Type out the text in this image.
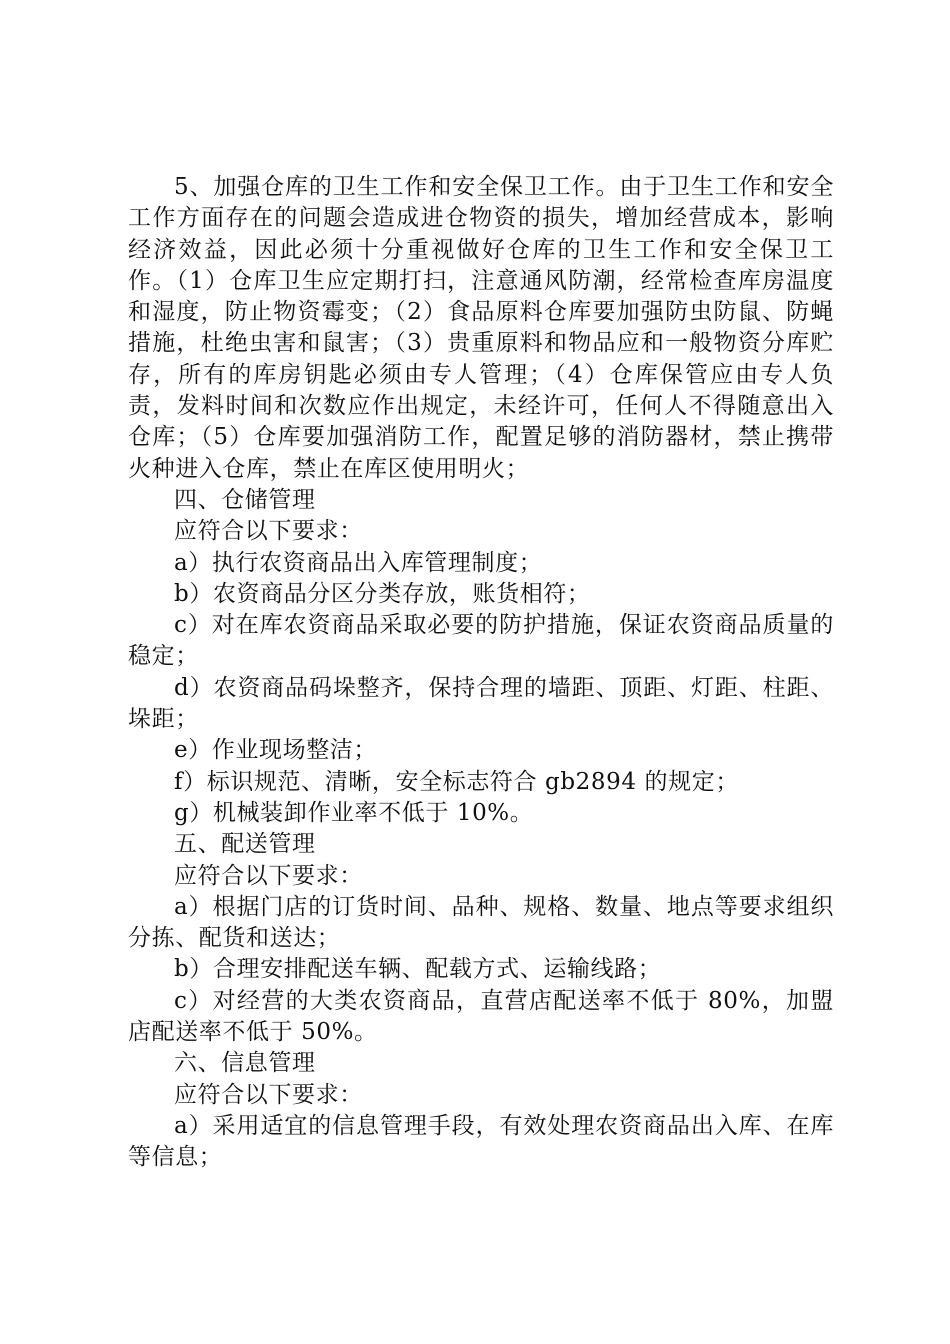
5、加强仓库的卫生工作和安全保卫工作。由于卫生工作和安全工作方面存在的问题会造成进仓物资的损失，增加经营成本，影响经济效益，因此必须十分重视做好仓库的卫生工作和安全保卫工作。（1）仓库卫生应定期打扫，注意通风防潮，经常检查库房温度和湿度，防止物资霉变；（2）食品原料仓库要加强防虫防鼠、防蝇措施，杜绝虫害和鼠害；（3）贵重原料和物品应和一般物资分库贮存，所有的库房钥匙必须由专人管理；（4）仓库保管应由专人负责，发料时间和次数应作出规定，未经许可，任何人不得随意出入仓库；（5）仓库要加强消防工作，配置足够的消防器材，禁止携带火种进入仓库，禁止在库区使用明火；

四、仓储管理

应符合以下要求：

a）执行农资商品出入库管理制度；

b）农资商品分区分类存放，账货相符；

c）对在库农资商品采取必要的防护措施，保证农资商品质量的稳定；

d）农资商品码垛整齐，保持合理的墙距、顶距、灯距、柱距、垛距；

e）作业现场整洁；

f）标识规范、清晰，安全标志符合 gb2894 的规定；

g）机械装卸作业率不低于 10%。

五、配送管理

应符合以下要求：

a）根据门店的订货时间、品种、规格、数量、地点等要求组织分拣、配货和送达；

b）合理安排配送车辆、配载方式、运输线路；

c）对经营的大类农资商品，直营店配送率不低于 80%，加盟店配送率不低于 50%。

六、信息管理

应符合以下要求：

a）采用适宜的信息管理手段，有效处理农资商品出入库、在库等信息；
